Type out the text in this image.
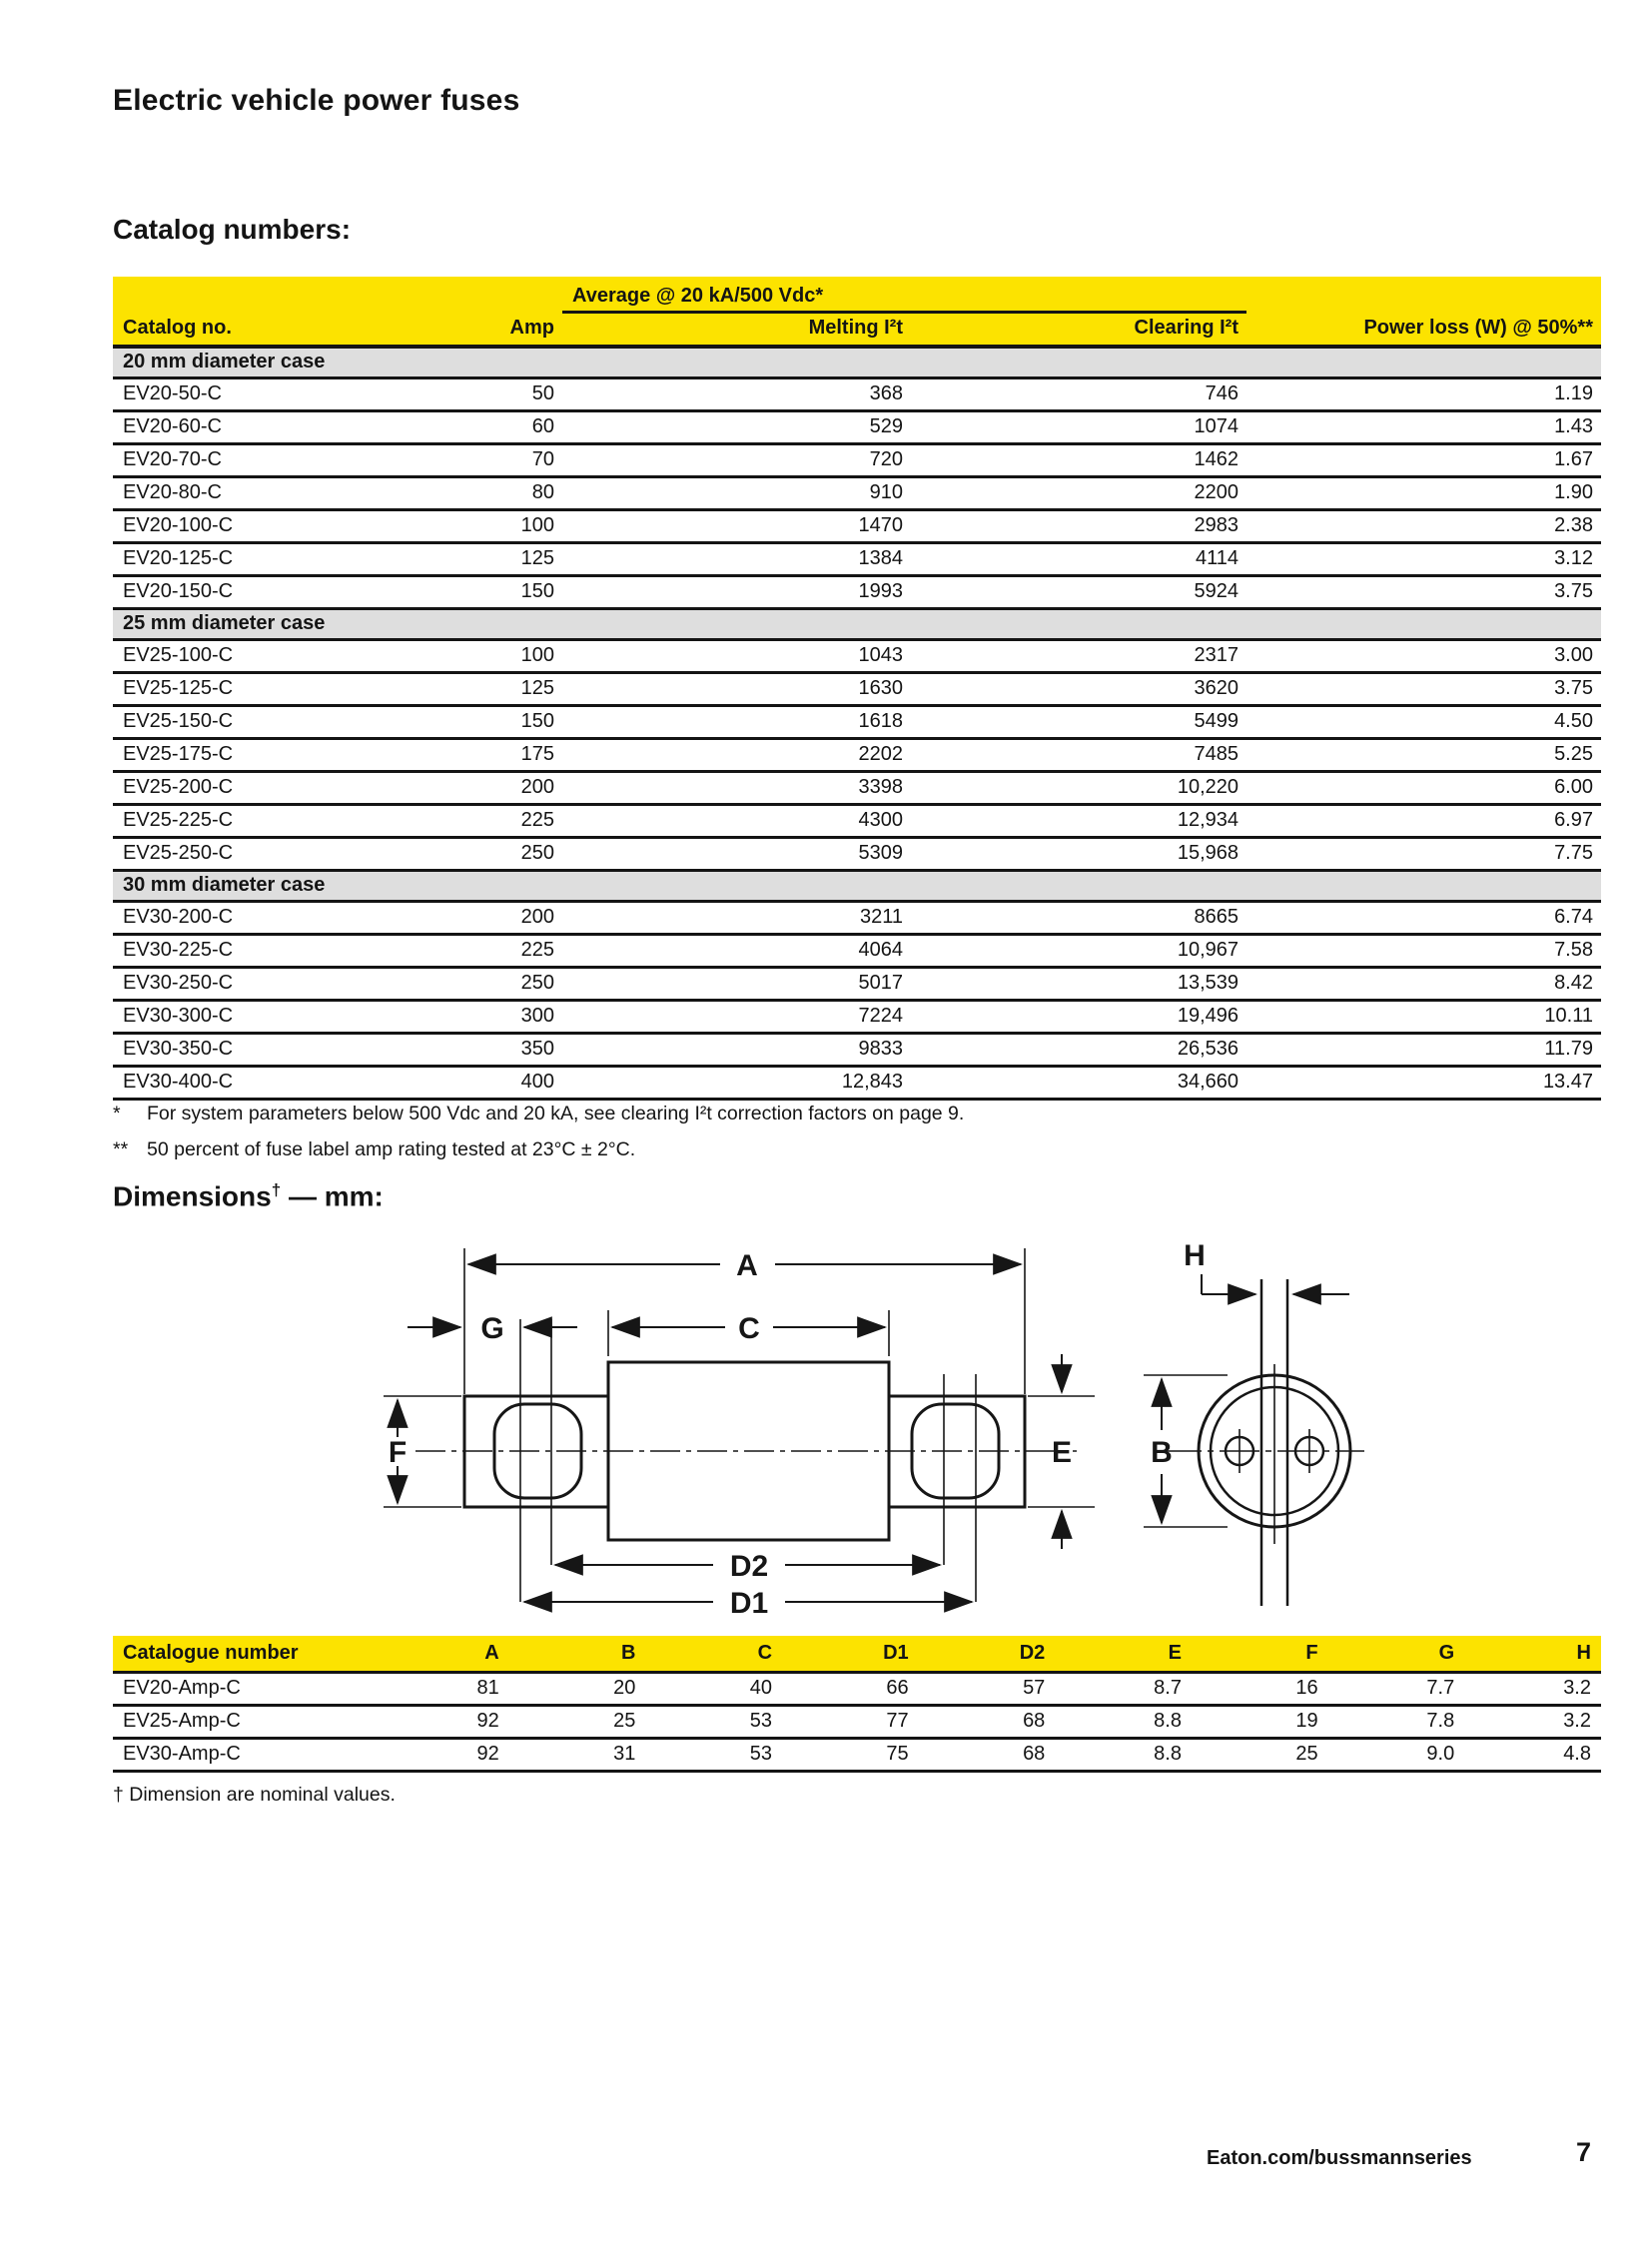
Electric vehicle power fuses
Catalog numbers:

		Average @ 20 kA/500 Vdc*		

Catalog no.	Amp	Melting I²t	Clearing I²t	Power loss (W) @ 50%**
20 mm diameter case				
EV20-50-C	50	368	746	1.19
EV20-60-C	60	529	1074	1.43
EV20-70-C	70	720	1462	1.67
EV20-80-C	80	910	2200	1.90
EV20-100-C	100	1470	2983	2.38
EV20-125-C	125	1384	4114	3.12
EV20-150-C	150	1993	5924	3.75
25 mm diameter case				
EV25-100-C	100	1043	2317	3.00
EV25-125-C	125	1630	3620	3.75
EV25-150-C	150	1618	5499	4.50
EV25-175-C	175	2202	7485	5.25
EV25-200-C	200	3398	10,220	6.00
EV25-225-C	225	4300	12,934	6.97
EV25-250-C	250	5309	15,968	7.75
30 mm diameter case				
EV30-200-C	200	3211	8665	6.74
EV30-225-C	225	4064	10,967	7.58
EV30-250-C	250	5017	13,539	8.42
EV30-300-C	300	7224	19,496	10.11
EV30-350-C	350	9833	26,536	11.79
EV30-400-C	400	12,843	34,660	13.47
*	For system parameters below 500 Vdc and 20 kA, see clearing I²t correction factors on page 9.
** 50 percent of fuse label amp rating tested at 23°C ± 2°C.
Dimensions† — mm:
A
G	C
F	E
D2
D1
H
B
Catalogue number	A	B	C	D1	D2	E	F	G	H
EV20-Amp-C	81	20	40	66	57	8.7	16	7.7	3.2
EV25-Amp-C	92	25	53	77	68	8.8	19	7.8	3.2
EV30-Amp-C	92	31	53	75	68	8.8	25	9.0	4.8
† Dimension are nominal values.
Eaton.com/bussmannseries	7
